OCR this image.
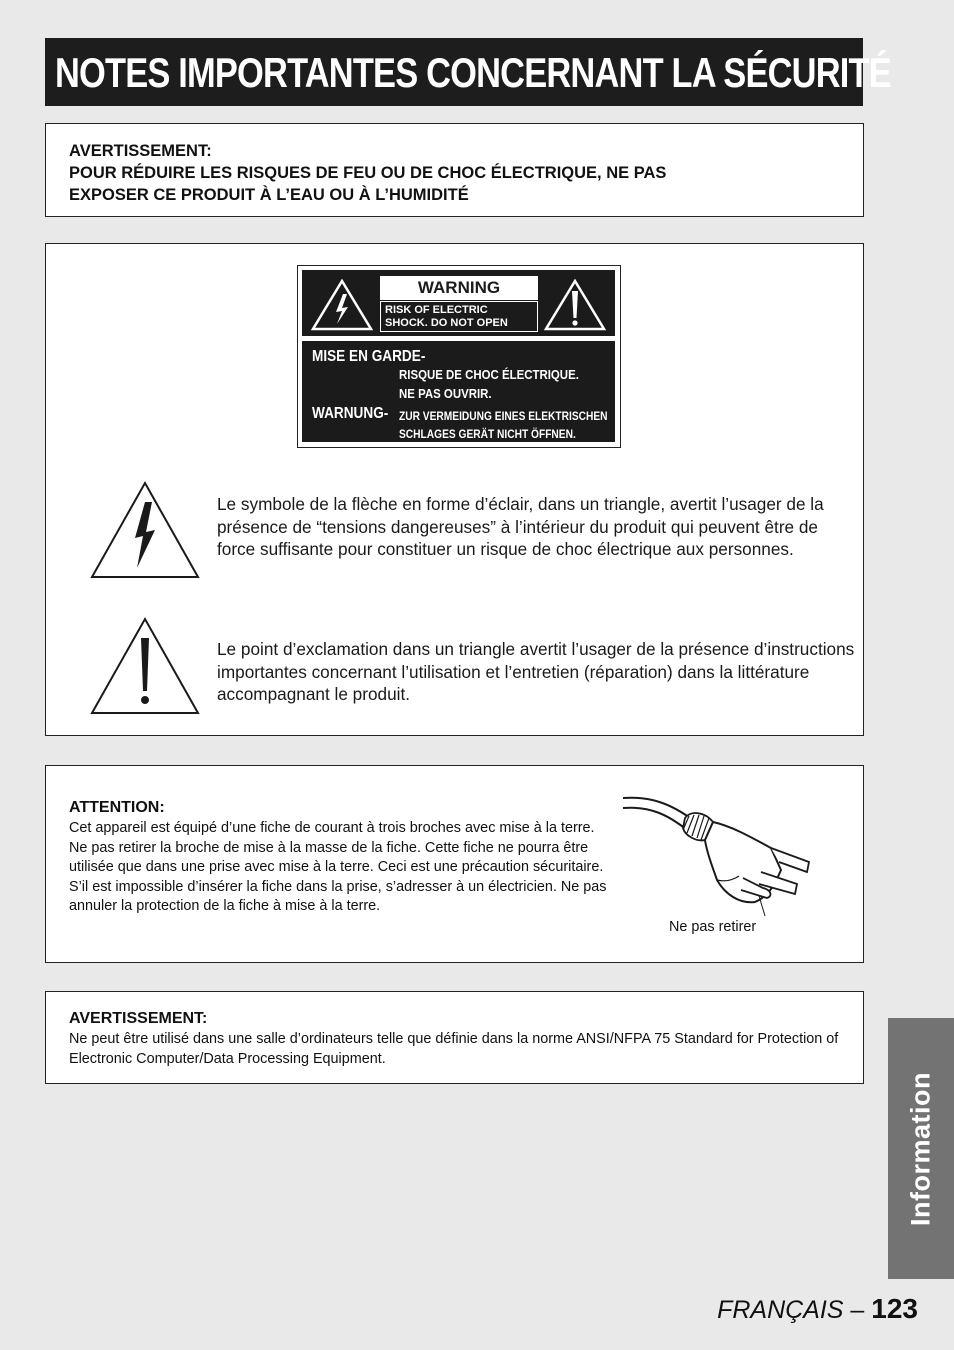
NOTES IMPORTANTES CONCERNANT LA SÉCURITÉ
AVERTISSEMENT:
POUR RÉDUIRE LES RISQUES DE FEU OU DE CHOC ÉLECTRIQUE, NE PAS
EXPOSER CE PRODUIT À L’EAU OU À L’HUMIDITÉ
WARNING
RISK OF ELECTRIC
SHOCK. DO NOT OPEN
MISE EN GARDE-
RISQUE DE CHOC ÉLECTRIQUE.
NE PAS OUVRIR.
WARNUNG- ZUR VERMEIDUNG EINES ELEKTRISCHEN
SCHLAGES GERÄT NICHT ÖFFNEN.
Le symbole de la flèche en forme d’éclair, dans un triangle, avertit l’usager de la présence de “tensions dangereuses” à l’intérieur du produit qui peuvent être de force suffisante pour constituer un risque de choc électrique aux personnes.
Le point d’exclamation dans un triangle avertit l’usager de la présence d’instructions importantes concernant l’utilisation et l’entretien (réparation) dans la littérature accompagnant le produit.
ATTENTION:
Cet appareil est équipé d’une fiche de courant à trois broches avec mise à la terre. Ne pas retirer la broche de mise à la masse de la fiche. Cette fiche ne pourra être utilisée que dans une prise avec mise à la terre. Ceci est une précaution sécuritaire. S’il est impossible d’insérer la fiche dans la prise, s’adresser à un électricien. Ne pas annuler la protection de la fiche à mise à la terre.
Ne pas retirer
AVERTISSEMENT:
Ne peut être utilisé dans une salle d’ordinateurs telle que définie dans la norme ANSI/NFPA 75 Standard for Protection of Electronic Computer/Data Processing Equipment.
Information
FRANÇAIS – 123
